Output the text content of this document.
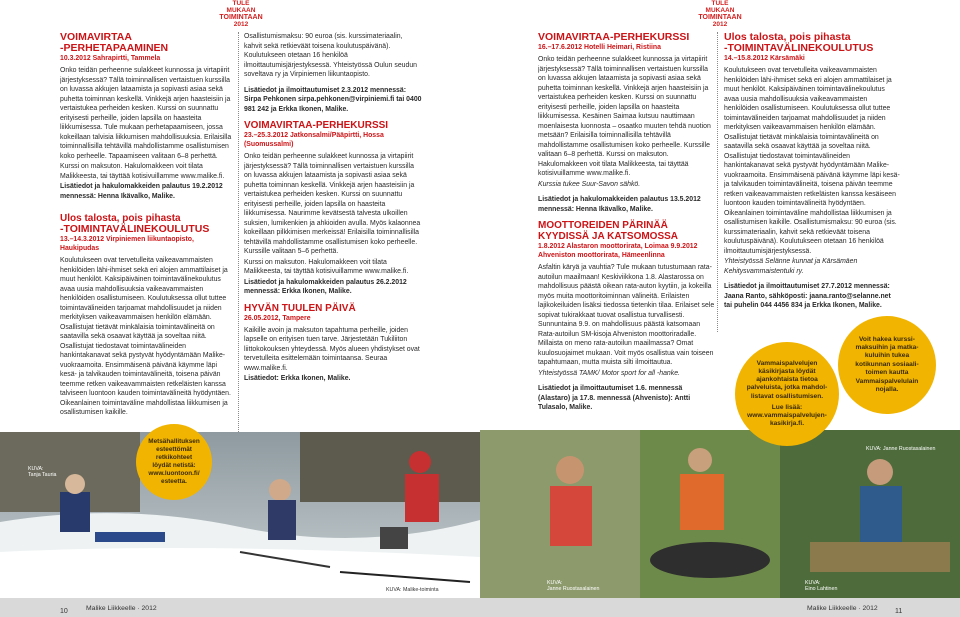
TULE
MUKAAN
TOIMINTAAN
2012
TULE
MUKAAN
TOIMINTAAN
2012
VOIMAVIRTAA
-PERHETAPAAMINEN
10.3.2012 Sahrapirtti, Tammela

Onko teidän perheenne sulakkeet kunnossa ja virtapiirit järjestyksessä? Tällä toiminnallisen vertaistuen kurssilla on luvassa akkujen lataamista ja sopivasti asiaa sekä puhetta toiminnan keskellä. Vinkkejä arjen haasteisiin ja vertaistukea perheiden kesken. Kurssi on suunnattu erityisesti perheille, joiden lapsilla on haasteita liikkumisessa. Tule mukaan perhetapaamiseen, jossa kokeillaan talvisia liikkumisen mahdollisuuksia. Erilaisilla toiminnallisilla tehtävillä mahdollistamme osallistumisen koko perheelle. Tapaamiseen valitaan 6–8 perhettä.

Kurssi on maksuton. Hakulomakkeen voit tilata Malikkeesta, tai täyttää kotisivuillamme www.malike.fi.

Lisätiedot ja hakulomakkeiden palautus 19.2.2012 mennessä: Henna Ikävalko, Malike.

Ulos talosta, pois pihasta
-TOIMINTAVÄLINEKOULUTUS
13.–14.3.2012 Virpiniemen liikuntaopisto, Haukipudas

Koulutukseen ovat tervetulleita vaikeavammaisten henkilöiden lähi-ihmiset sekä eri alojen ammattilaiset ja muut henkilöt. Kaksipäiväinen toimintavälinekoulutus avaa uusia mahdollisuuksia vaikeavammaisten henkilöiden osallistumiseen. Koulutuksessa ollut tuttee toimintavälineiden tarjoamat mahdollisuudet ja niiden merkityksen vaikeavammaisen henkilön elämään. Osallistujat tietävät minkälaisia toimintavälineitä on saatavilla sekä osaavat käyttää ja soveltaa niitä. Osallistujat tiedostavat toimintavälineiden hankintakanavat sekä pystyvät hyödyntämään Malike-vuokraamoita. Ensimmäisenä päivänä käymme läpi kesä- ja talvikauden toimintavälineitä, toisena päivän teemme retken vaikeavammaisten retkeläisten kanssa talviseen luontoon kauden toimintavälineitä hyödyntäen. Oikeanlainen toimintaväline mahdollistaa liikkumisen ja osallistumisen kaikille.

Osallistumismaksu: 90 euroa (sis. kurssimateriaalin, kahvit sekä retkieväät toisena koulutuspäivänä). Koulutukseen otetaan 16 henkilöä ilmoittautumisjärjestyksessä. Yhteistyössä Oulun seudun soveltava ry ja Virpiniemen liikuntaopisto.

Lisätiedot ja ilmoittautumiset 2.3.2012 mennessä: Sirpa Pehkonen sirpa.pehkonen@virpiniemi.fi tai 0400 981 242 ja Erkka Ikonen, Malike.

VOIMAVIRTAA-PERHEKURSSI
23.–25.3.2012 Jatkonsalmi/Pääpirtti, Hossa (Suomussalmi)

Onko teidän perheenne sulakkeet kunnossa ja virtapiirit järjestyksessä? Tällä toiminnallisen vertaistuen kurssilla on luvassa akkujen lataamista ja sopivasti asiaa sekä puhetta toiminnan keskellä. Vinkkejä arjen haasteisiin ja vertaistukea perheiden kesken. Kurssi on suunnattu erityisesti perheille, joiden lapsilla on haasteita liikkumisessa. Naurimme kevätsestä talvesta ulkoillen suksien, lumikenkien ja ahkioiden avulla. Myös kalaonnea kokeillaan pilkkimisen merkeissä! Erilaisilla toiminnallisilla tehtävillä mahdollistamme osallistumisen koko perheelle. Kurssille valitaan 5–6 perhettä.

Kurssi on maksuton. Hakulomakkeen voit tilata Malikkeesta, tai täyttää kotisivuillamme www.malike.fi.

Lisätiedot ja hakulomakkeiden palautus 26.2.2012 mennessä: Erkka Ikonen, Malike.

HYVÄN TUULEN PÄIVÄ
26.05.2012, Tampere

Kaikille avoin ja maksuton tapahtuma perheille, joiden lapselle on erityisen tuen tarve. Järjestetään Tukiliiton liittokokouksen yhteydessä. Myös alueen yhdistykset ovat tervetulleita esittelemään toimintaansa. Seuraa www.malike.fi.

Lisätiedot: Erkka Ikonen, Malike.

VOIMAVIRTAA-PERHEKURSSI
16.–17.6.2012 Hotelli Heimari, Ristiina

Onko teidän perheenne sulakkeet kunnossa ja virtapiirit järjestyksessä? Tällä toiminnallisen vertaistuen kurssilla on luvassa akkujen lataamista ja sopivasti asiaa sekä puhetta toiminnan keskellä. Vinkkejä arjen haasteisiin ja vertaistukea perheiden kesken. Kurssi on suunnattu erityisesti perheille, joiden lapsilla on haasteita liikkumisessa. Kesäinen Saimaa kutsuu nauttimaan moenlaisesta luonnosta – osaatko muuten tehdä nuotion metsään? Erilaisilla toiminnallisilla tehtävillä mahdollistamme osallistumisen koko perheelle. Kurssille valitaan 6–8 perhettä. Kurssi on maksuton. Hakulomakkeen voit tilata Malikkeesta, tai täyttää kotisivuillamme www.malike.fi.

Kurssia tukee Suur-Savon sähkö.

Lisätiedot ja hakulomakkeiden palautus 13.5.2012 mennessä: Henna Ikävalko, Malike.

MOOTTOREIDEN PÄRINÄÄ KYYDISSÄ JA KATSOMOSSA
1.8.2012 Alastaron moottorirata, Loimaa 9.9.2012 Ahveniston moottorirata, Hämeenlinna

Asfaltin käryä ja vauhtia? Tule mukaan tutustumaan rata-autoilun maailmaan! Keskiviikkona 1.8. Alastarossa on mahdollisuus päästä oikean rata-auton kyytiin, ja kokeilla myös muita moottoritoiminnan välineitä. Erilaisten lajikokeiluiden lisäksi tiedossa tietenkin tilaa. Erilaiset sele sopivat tukirakkaat tuovat osallistua turvallisesti. Sunnuntaina 9.9. on mahdollisuus päästä katsomaan Rata-autoilun SM-kisoja Ahveniston moottoriradalle. Millaista on meno rata-autoilun maailmassa? Omat kuulosuojaimet mukaan. Voit myös osallistua vain toiseen tapahtumaan, mutta muista silti ilmoittautua.

Yhteistyössä TAMK/ Motor sport for all -hanke.

Lisätiedot ja ilmoittautumiset 1.6. mennessä (Alastaro) ja 17.8. mennessä (Ahvenisto): Antti Tulasalo, Malike.

Ulos talosta, pois pihasta
-TOIMINTAVÄLINEKOULUTUS
14.–15.8.2012 Kärsämäki

Koulutukseen ovat tervetulleita vaikeavammaisten henkilöiden lähi-ihmiset sekä eri alojen ammattilaiset ja muut henkilöt. Kaksipäiväinen toimintavälinekoulutus avaa uusia mahdollisuuksia vaikeavammaisten henkilöiden osallistumiseen. Koulutuksessa ollut tuttee toimintavälineiden tarjoamat mahdollisuudet ja niiden merkityksen vaikeavammaisen henkilön elämään. Osallistujat tietävät minkälaisia toimintavälineitä on saatavilla sekä osaavat käyttää ja soveltaa niitä. Osallistujat tiedostavat toimintavälineiden hankintakanavat sekä pystyvät hyödyntämään Malike-vuokraamoita. Ensimmäisenä päivänä käymme läpi kesä- ja talvikauden toimintavälineitä, toisena päivän teemme retken vaikeavammaisten retkeläisten kanssa kesäiseen luontoon kauden toimintavälineitä hyödyntäen. Oikeanlainen toimintaväline mahdollistaa liikkumisen ja osallistumisen kaikille. Osallistumismaksu: 90 euroa (sis. kurssimateriaalin, kahvit sekä retkieväät toisena koulutuspäivänä). Koulutukseen otetaan 16 henkilöä ilmoittautumisjärjestyksessä.

Yhteistyössä Selänne kunnat ja Kärsämäen Kehitysvammaistentuki ry.

Lisätiedot ja ilmoittautumiset 27.7.2012 mennessä: Jaana Ranto, sähköposti: jaana.ranto@selanne.net tai puhelin 044 4456 834 ja Erkka Ikonen, Malike.

KUVA:
Tanja Tauria
KUVA: Malike-toiminta
KUVA:
Janne Ruostasalainen
KUVA:
Eino Lahtinen
KUVA: Janne Ruostasalainen
Metsähallituksen
esteettömät
retkikohteet
löydät netistä:
www.luontoon.fi/
esteetta.
Vammaispalvelujen
käsikirjasta löydät
ajankohtaista tietoa
palveluista, jotka mahdol-
listavat osallistumisen.
Lue lisää:
www.vammaispalvelujen-
kasikirja.fi.
Voit hakea kurssi-
maksuihin ja matka-
kuluihin tukea
kotikunnan sosiaali-
toimen kautta
Vammaispalvelulain
nojalla.
10	Malike Liikkeelle · 2012	Malike Liikkeelle · 2012 11
